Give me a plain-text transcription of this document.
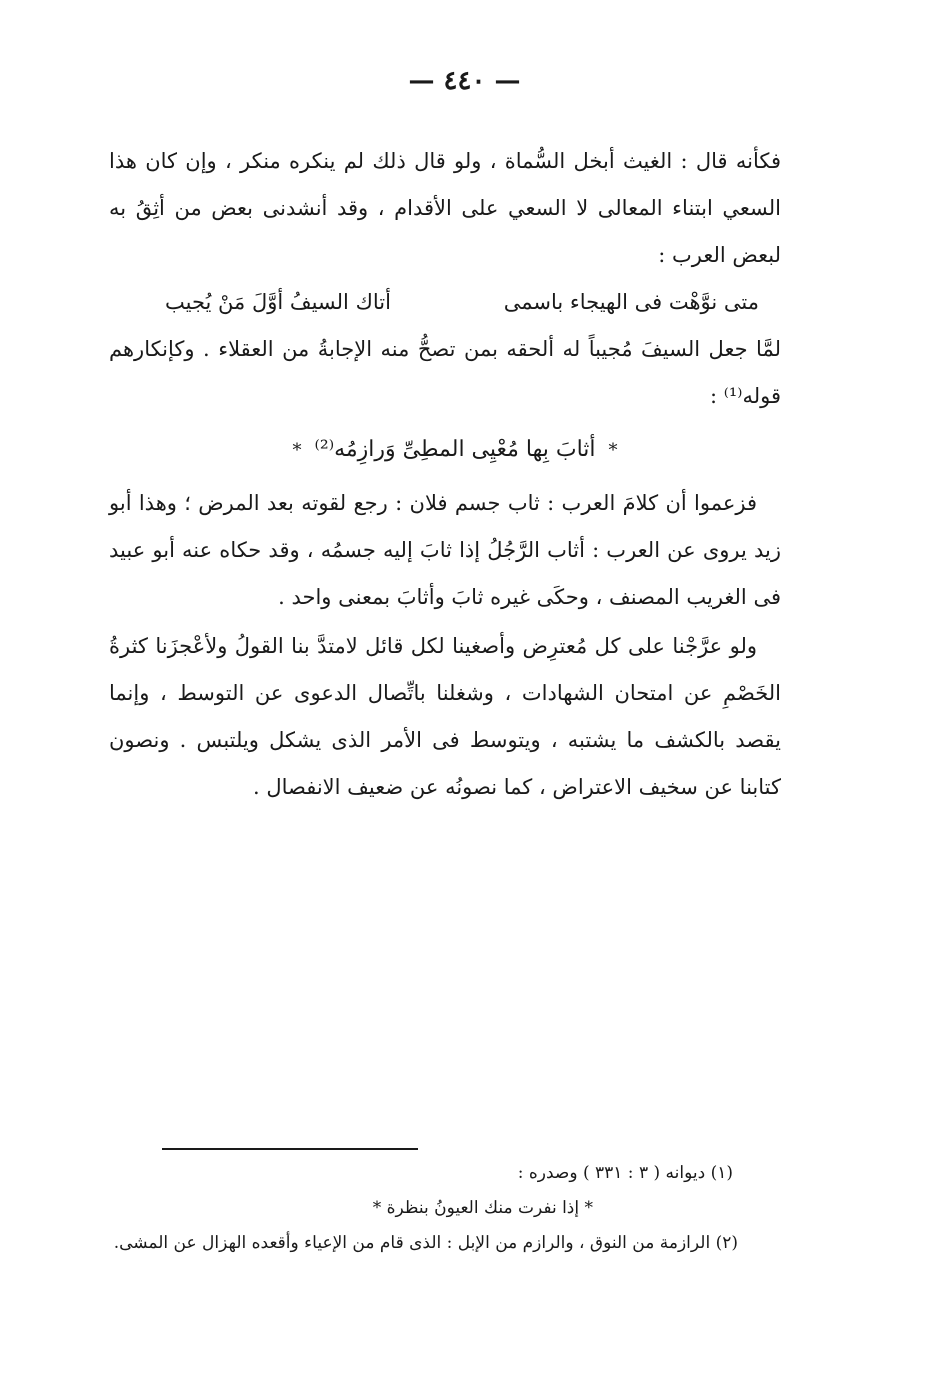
— ٤٤٠ —

فكأنه قال : الغيث أبخل السُّماة ، ولو قال ذلك لم ينكره منكر ، وإن كان هذا السعي ابتناء المعالى لا السعي على الأقدام ، وقد أنشدنى بعض من أثِقُ به لبعض العرب :

متى نوَّهْت فى الهيجاء باسمى
أتاك السيفُ أوَّلَ مَنْ يُجيب

لمَّا جعل السيفَ مُجيباً له ألحقه بمن تصحُّ منه الإجابةُ من العقلاء . وكإنكارهم قوله⁽¹⁾ :

* أثابَ بِها مُعْيِى المطِىِّ وَرازِمُه⁽²⁾ *

فزعموا أن كلامَ العرب : ثاب جسم فلان : رجع لقوته بعد المرض ؛ وهذا أبو زيد يروى عن العرب : أثاب الرَّجُلُ إذا ثابَ إليه جسمُه ، وقد حكاه عنه أبو عبيد فى الغريب المصنف ، وحكَى غيره ثابَ وأثابَ بمعنى واحد .

ولو عرَّجْنا على كل مُعترِض وأصغينا لكل قائل لامتدَّ بنا القولُ ولأعْجزَنا كثرةُ الخَصْمِ عن امتحان الشهادات ، وشغلنا باتِّصال الدعوى عن التوسط ، وإنما يقصد بالكشف ما يشتبه ، ويتوسط فى الأمر الذى يشكل ويلتبس . ونصون كتابنا عن سخيف الاعتراض ، كما نصونُه عن ضعيف الانفصال .

(١) ديوانه ( ٣ : ٣٣١ ) وصدره :

* إذا نفرت منك العيونُ بنظرة *

(٢) الرازمة من النوق ، والرازم من الإبل : الذى قام من الإعياء وأقعده الهزال عن المشى.
